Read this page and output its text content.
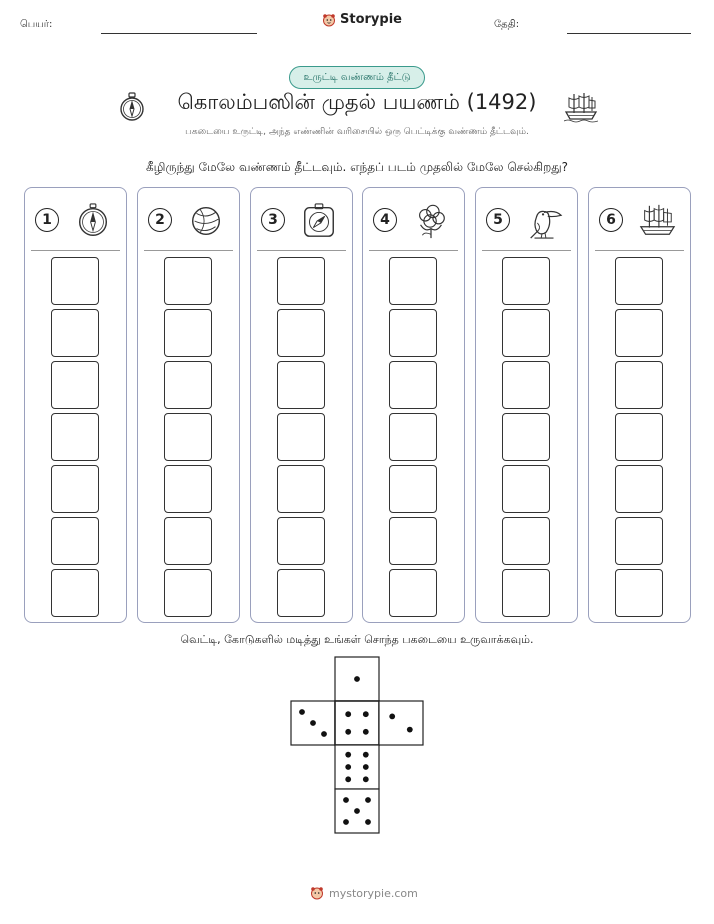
பெயர்:	Storypie	தேதி:
உருட்டி வண்ணம் தீட்டு
கொலம்பஸின் முதல் பயணம் (1492)
பகடையை உருட்டி, அந்த எண்ணின் வரிசையில் ஒரு பெட்டிக்கு வண்ணம் தீட்டவும்.
கீழிருந்து மேலே வண்ணம் தீட்டவும். எந்தப் படம் முதலில் மேலே செல்கிறது?
1	2	3	4	5	6
வெட்டி, கோடுகளில் மடித்து உங்கள் சொந்த பகடையை உருவாக்கவும்.
mystorypie.com
